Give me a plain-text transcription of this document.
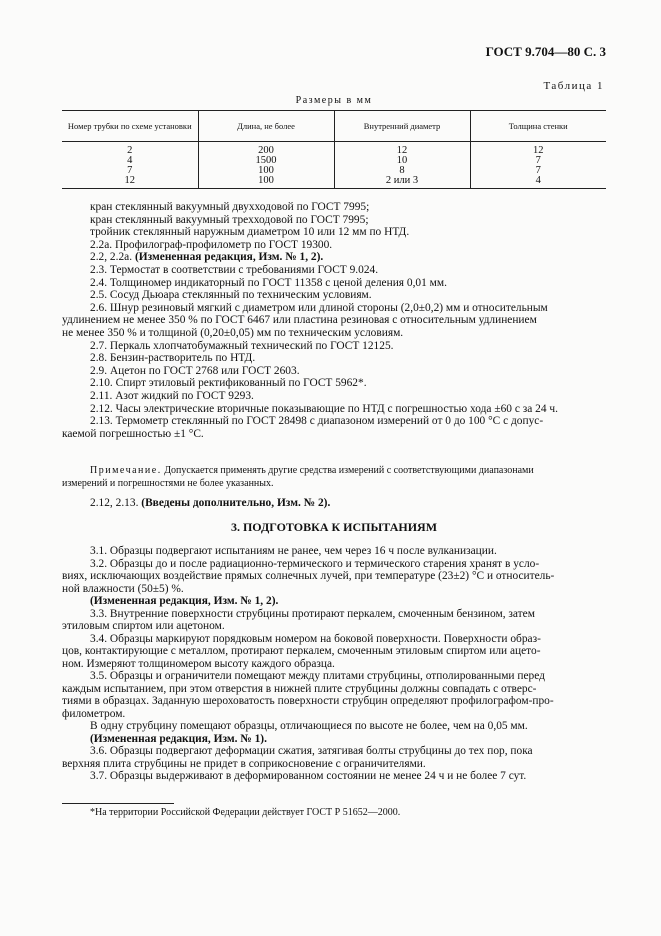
ГОСТ 9.704—80 С. 3
Таблица 1
Размеры в мм
Номер трубки по схеме установки	Длина, не более	Внутренний диаметр	Толщина стенки
2	200	12	12
4	1500	10	7
7	100	8	7
12	100	2 или 3	4

кран стеклянный вакуумный двухходовой по ГОСТ 7995;

кран стеклянный вакуумный трехходовой по ГОСТ 7995;

тройник стеклянный наружным диаметром 10 или 12 мм по НТД.

2.2а. Профилограф-профилометр по ГОСТ 19300.

2.2, 2.2а. (Измененная редакция, Изм. № 1, 2).

2.3. Термостат в соответствии с требованиями ГОСТ 9.024.

2.4. Толщиномер индикаторный по ГОСТ 11358 с ценой деления 0,01 мм.

2.5. Сосуд Дьюара стеклянный по техническим условиям.

2.6. Шнур резиновый мягкий с диаметром или длиной стороны (2,0±0,2) мм и относительным

удлинением не менее 350 % по ГОСТ 6467 или пластина резиновая с относительным удлинением

не менее 350 % и толщиной (0,20±0,05) мм по техническим условиям.

2.7. Перкаль хлопчатобумажный технический по ГОСТ 12125.

2.8. Бензин-растворитель по НТД.

2.9. Ацетон по ГОСТ 2768 или ГОСТ 2603.

2.10. Спирт этиловый ректификованный по ГОСТ 5962*.

2.11. Азот жидкий по ГОСТ 9293.

2.12. Часы электрические вторичные показывающие по НТД с погрешностью хода ±60 с за 24 ч.

2.13. Термометр стеклянный по ГОСТ 28498 с диапазоном измерений от 0 до 100 °С с допус-

каемой погрешностью ±1 °С.

Примечание. Допускается применять другие средства измерений с соответствующими диапазонами
измерений и погрешностями не более указанных.
2.12, 2.13. (Введены дополнительно, Изм. № 2).
3. ПОДГОТОВКА К ИСПЫТАНИЯМ

3.1. Образцы подвергают испытаниям не ранее, чем через 16 ч после вулканизации.

3.2. Образцы до и после радиационно-термического и термического старения хранят в усло-

виях, исключающих воздействие прямых солнечных лучей, при температуре (23±2) °С и относитель-

ной влажности (50±5) %.

(Измененная редакция, Изм. № 1, 2).

3.3. Внутренние поверхности струбцины протирают перкалем, смоченным бензином, затем

этиловым спиртом или ацетоном.

3.4. Образцы маркируют порядковым номером на боковой поверхности. Поверхности образ-

цов, контактирующие с металлом, протирают перкалем, смоченным этиловым спиртом или ацето-

ном. Измеряют толщиномером высоту каждого образца.

3.5. Образцы и ограничители помещают между плитами струбцины, отполированными перед

каждым испытанием, при этом отверстия в нижней плите струбцины должны совпадать с отверс-

тиями в образцах. Заданную шероховатость поверхности струбцин определяют профилографом-про-

филометром.

В одну струбцину помещают образцы, отличающиеся по высоте не более, чем на 0,05 мм.

(Измененная редакция, Изм. № 1).

3.6. Образцы подвергают деформации сжатия, затягивая болты струбцины до тех пор, пока

верхняя плита струбцины не придет в соприкосновение с ограничителями.

3.7. Образцы выдерживают в деформированном состоянии не менее 24 ч и не более 7 сут.

*На территории Российской Федерации действует ГОСТ Р 51652—2000.
